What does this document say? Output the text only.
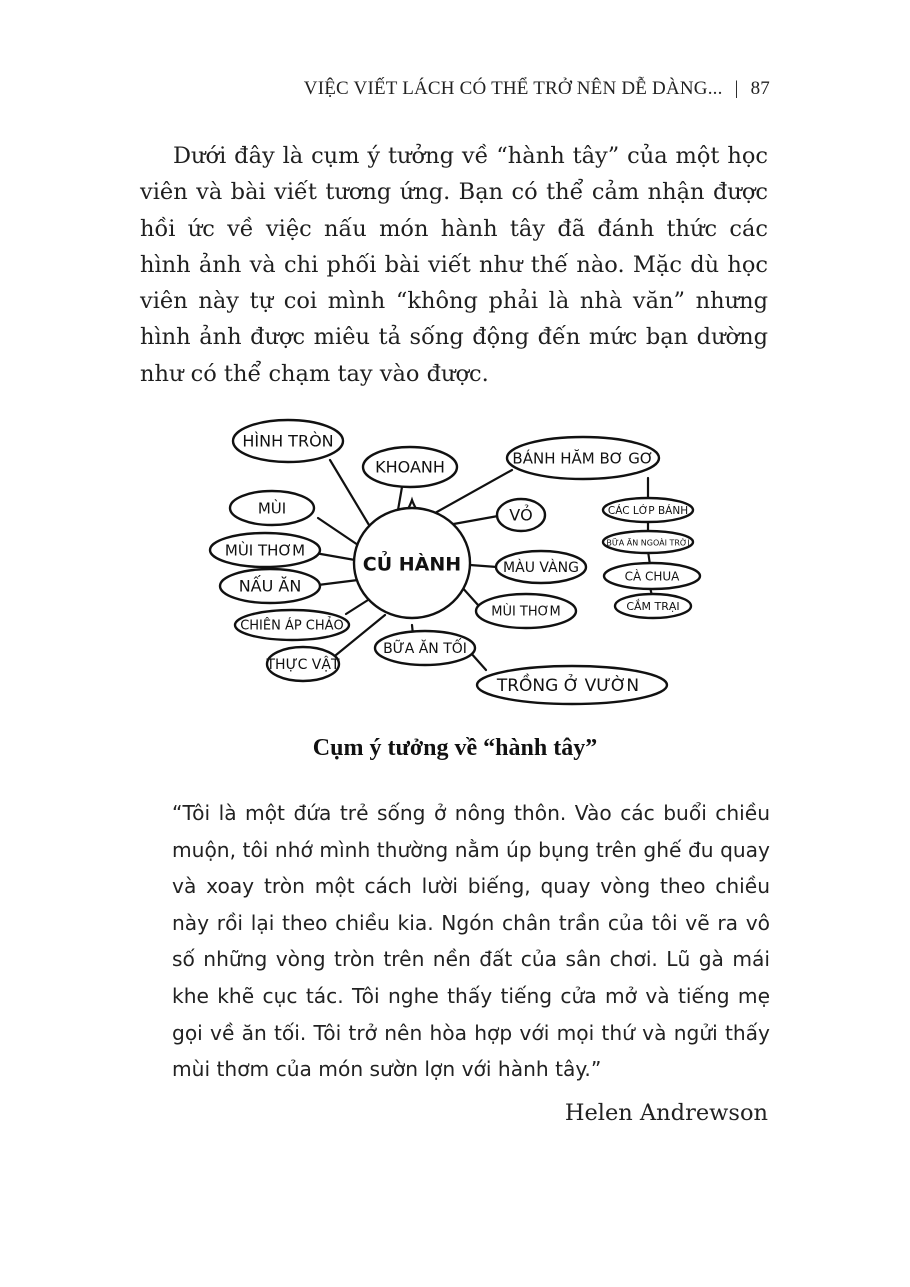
VIỆC VIẾT LÁCH CÓ THỂ TRỞ NÊN DỄ DÀNG... | 87

Dưới đây là cụm ý tưởng về “hành tây” của một học viên và bài viết tương ứng. Bạn có thể cảm nhận được hồi ức về việc nấu món hành tây đã đánh thức các hình ảnh và chi phối bài viết như thế nào. Mặc dù học viên này tự coi mình “không phải là nhà văn” nhưng hình ảnh được miêu tả sống động đến mức bạn dường như có thể chạm tay vào được.

CỦ HÀNH
HÌNH TRÒN
KHOANH
MÙI
MÙI THƠM
NẤU ĂN
CHIÊN ÁP CHẢO
THỰC VẬT
BỮA ĂN TỐI
TRỒNG Ở VƯỜN
MÙI THƠM
MÀU VÀNG
VỎ
BÁNH HĂM BƠ GƠ
CÁC LỚP BÁNH
BỮA ĂN NGOÀI TRỜI
CÀ CHUA
CẮM TRẠI
Cụm ý tưởng về “hành tây”

“Tôi là một đứa trẻ sống ở nông thôn. Vào các buổi chiều muộn, tôi nhớ mình thường nằm úp bụng trên ghế đu quay và xoay tròn một cách lười biếng, quay vòng theo chiều này rồi lại theo chiều kia. Ngón chân trần của tôi vẽ ra vô số những vòng tròn trên nền đất của sân chơi. Lũ gà mái khe khẽ cục tác. Tôi nghe thấy tiếng cửa mở và tiếng mẹ gọi về ăn tối. Tôi trở nên hòa hợp với mọi thứ và ngửi thấy mùi thơm của món sườn lợn với hành tây.”

Helen Andrewson
